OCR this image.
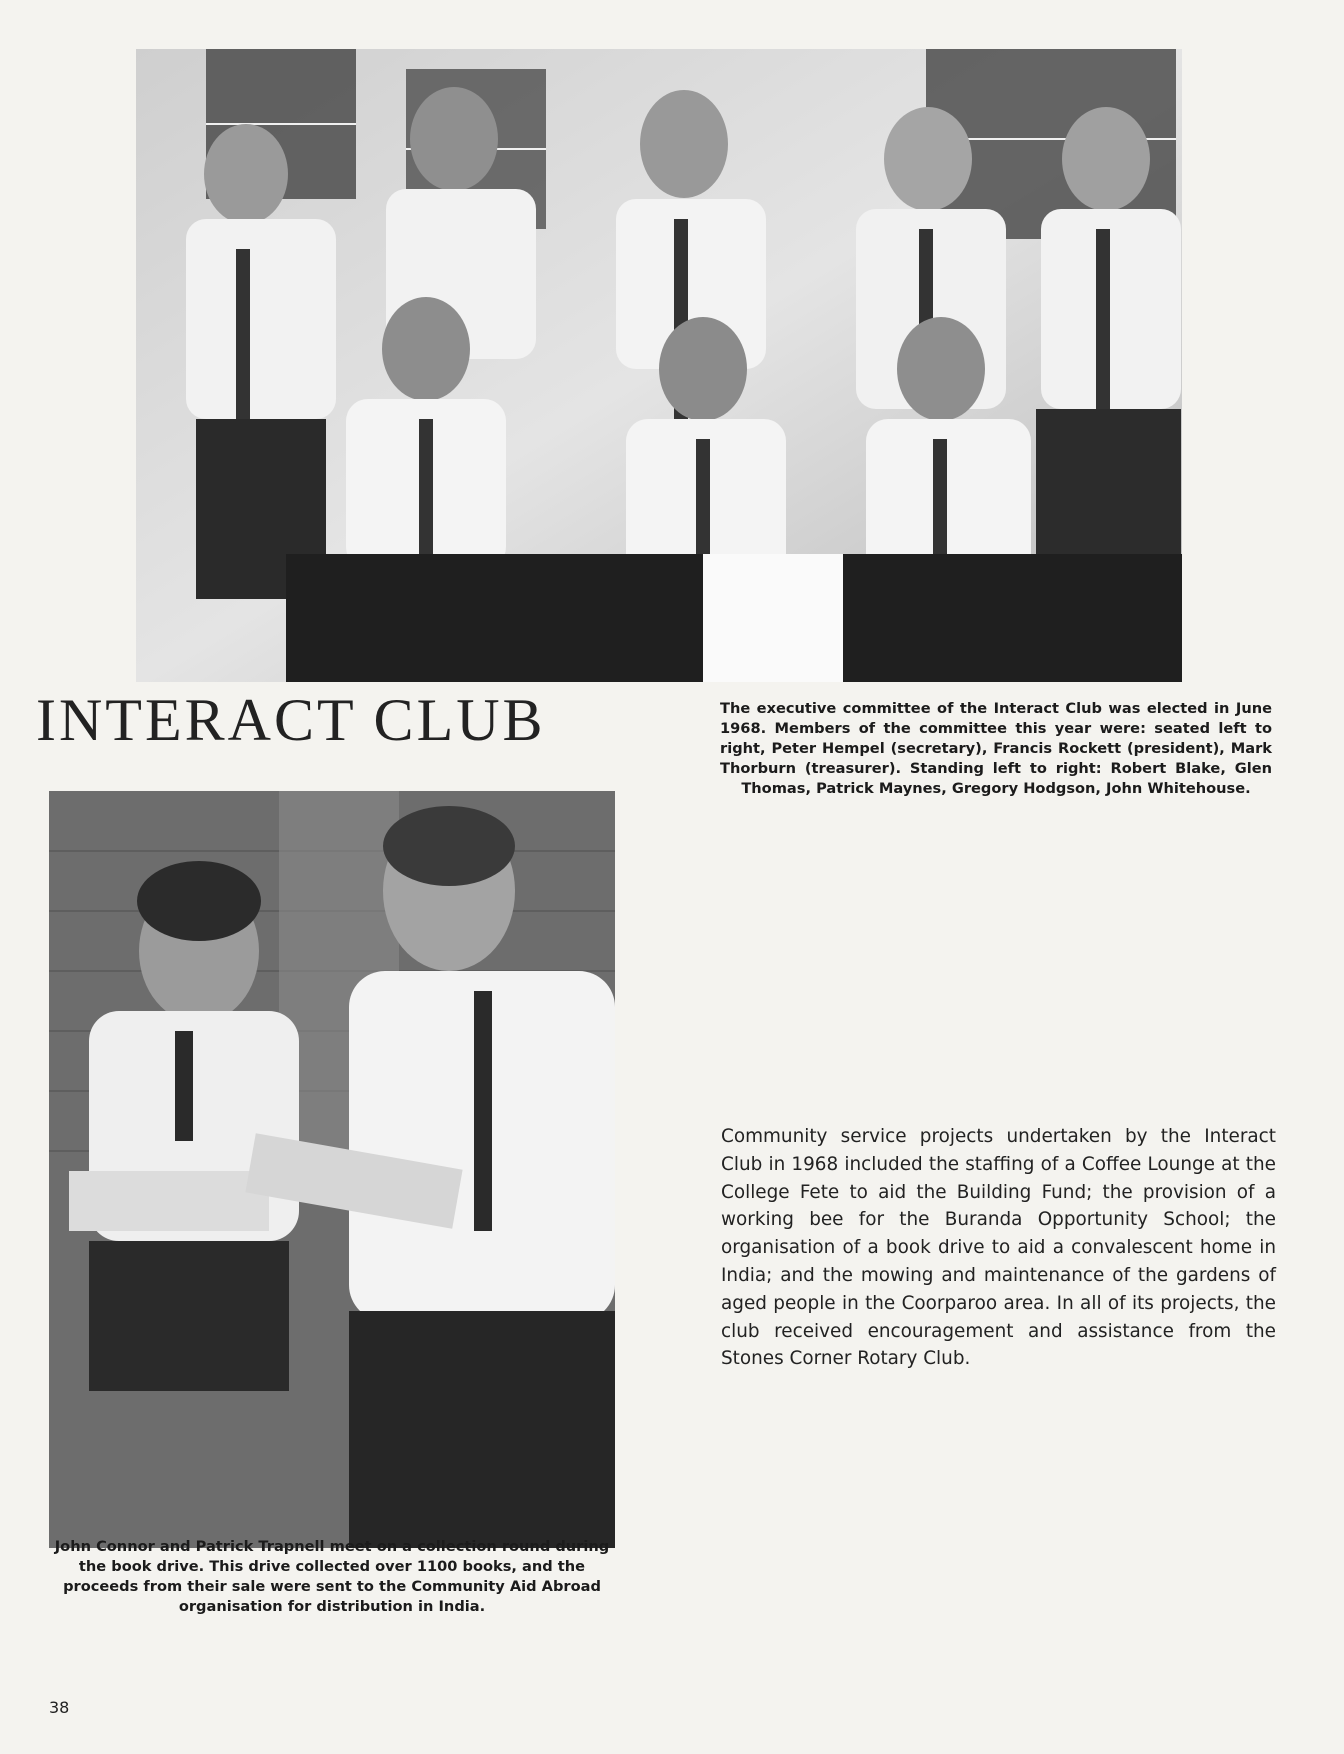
INTERACT CLUB	The executive committee of the Interact Club was elected in June 1968. Members of the committee this year were: seated left to right, Peter Hempel (secretary), Francis Rockett (president), Mark Thorburn (treasurer). Standing left to right: Robert Blake, Glen Thomas, Patrick Maynes, Gregory Hodgson, John Whitehouse.

John Connor and Patrick Trapnell meet on a collection round during the book drive. This drive collected over 1100 books, and the proceeds from their sale were sent to the Community Aid Abroad organisation for distribution in India.

Community service projects undertaken by the Interact Club in 1968 included the staffing of a Coffee Lounge at the College Fete to aid the Building Fund; the provision of a working bee for the Buranda Opportunity School; the organisation of a book drive to aid a convalescent home in India; and the mowing and maintenance of the gardens of aged people in the Coorparoo area. In all of its projects, the club received encouragement and assistance from the Stones Corner Rotary Club.

38
